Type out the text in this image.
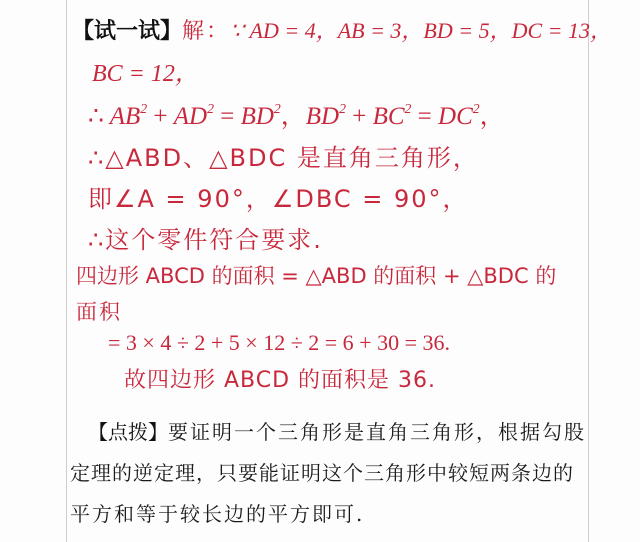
【试一试】解：∵ AD = 4，AB = 3，BD = 5，DC = 13，
BC = 12，
∴ $AB^2 + AD^2 = BD^2$，$BD^2 + BC^2 = DC^2$，
∴△ABD、△BDC 是直角三角形，
即∠A = 90°，∠DBC = 90°，
∴这个零件符合要求.
四边形 ABCD 的面积 = △ABD 的面积 + △BDC 的
面积
= 3 × 4 ÷ 2 + 5 × 12 ÷ 2 = 6 + 30 = 36.
故四边形 ABCD 的面积是 36.
【点拨】要证明一个三角形是直角三角形，根据勾股
定理的逆定理，只要能证明这个三角形中较短两条边的
平方和等于较长边的平方即可.
